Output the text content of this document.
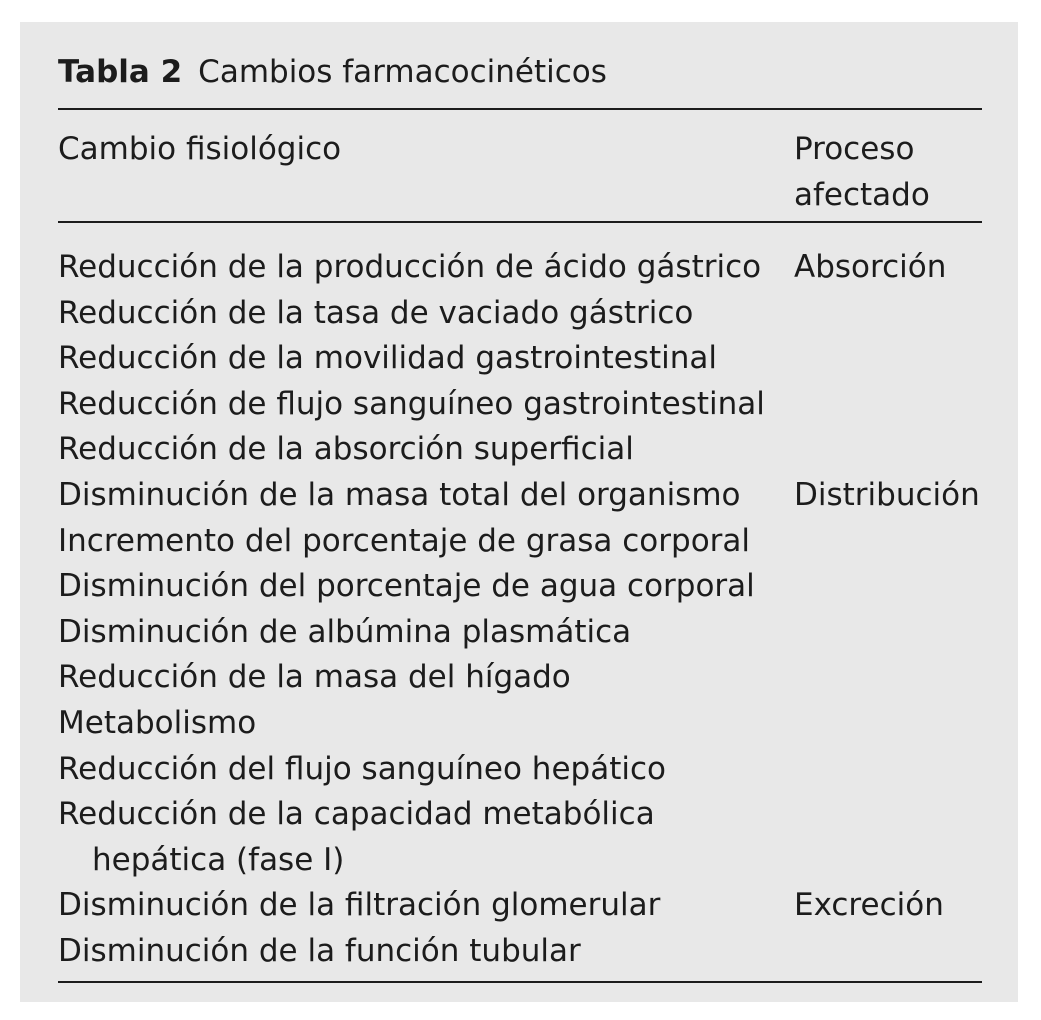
Tabla 2 Cambios farmacocinéticos
Cambio fisiológico	Proceso
afectado
Reducción de la producción de ácido gástrico Absorción
Reducción de la tasa de vaciado gástrico
Reducción de la movilidad gastrointestinal
Reducción de flujo sanguíneo gastrointestinal
Reducción de la absorción superficial
Disminución de la masa total del organismo Distribución
Incremento del porcentaje de grasa corporal
Disminución del porcentaje de agua corporal
Disminución de albúmina plasmática
Reducción de la masa del hígado
Metabolismo
Reducción del flujo sanguíneo hepático
Reducción de la capacidad metabólica
hepática (fase I)
Disminución de la filtración glomerular	Excreción
Disminución de la función tubular
